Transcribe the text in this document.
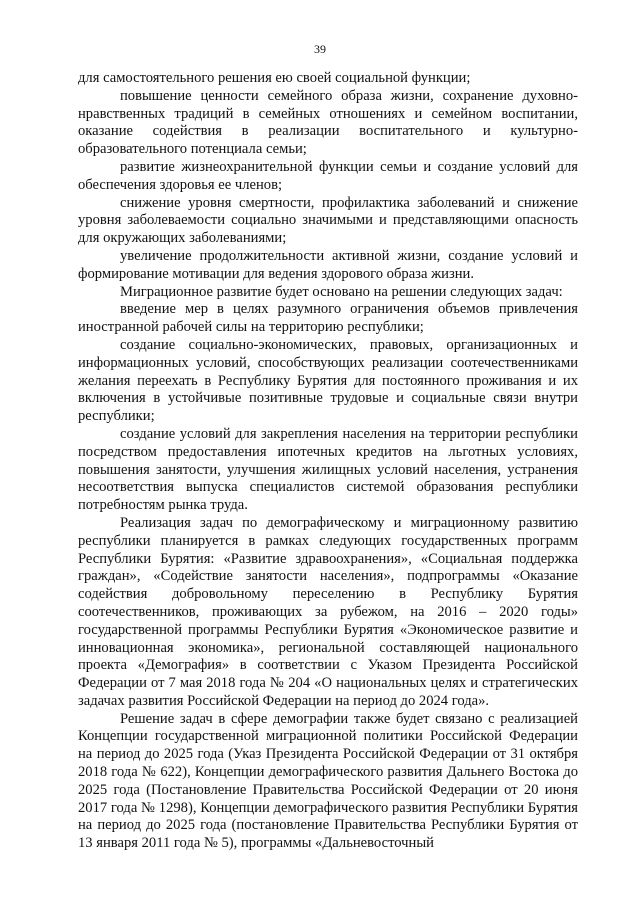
39

для самостоятельного решения ею своей социальной функции;

повышение ценности семейного образа жизни, сохранение духовно-нравственных традиций в семейных отношениях и семейном воспитании, оказание содействия в реализации воспитательного и культурно-образовательного потенциала семьи;

развитие жизнеохранительной функции семьи и создание условий для обеспечения здоровья ее членов;

снижение уровня смертности, профилактика заболеваний и снижение уровня заболеваемости социально значимыми и представляющими опасность для окружающих заболеваниями;

увеличение продолжительности активной жизни, создание условий и формирование мотивации для ведения здорового образа жизни.

Миграционное развитие будет основано на решении следующих задач:

введение мер в целях разумного ограничения объемов привлечения иностранной рабочей силы на территорию республики;

создание социально-экономических, правовых, организационных и информационных условий, способствующих реализации соотечественниками желания переехать в Республику Бурятия для постоянного проживания и их включения в устойчивые позитивные трудовые и социальные связи внутри республики;

создание условий для закрепления населения на территории республики посредством предоставления ипотечных кредитов на льготных условиях, повышения занятости, улучшения жилищных условий населения, устранения несоответствия выпуска специалистов системой образования республики потребностям рынка труда.

Реализация задач по демографическому и миграционному развитию республики планируется в рамках следующих государственных программ Республики Бурятия: «Развитие здравоохранения», «Социальная поддержка граждан», «Содействие занятости населения», подпрограммы «Оказание содействия добровольному переселению в Республику Бурятия соотечественников, проживающих за рубежом, на 2016 – 2020 годы» государственной программы Республики Бурятия «Экономическое развитие и инновационная экономика», региональной составляющей национального проекта «Демография» в соответствии с Указом Президента Российской Федерации от 7 мая 2018 года № 204 «О национальных целях и стратегических задачах развития Российской Федерации на период до 2024 года».

Решение задач в сфере демографии также будет связано с реализацией Концепции государственной миграционной политики Российской Федерации на период до 2025 года (Указ Президента Российской Федерации от 31 октября 2018 года № 622), Концепции демографического развития Дальнего Востока до 2025 года (Постановление Правительства Российской Федерации от 20 июня 2017 года № 1298), Концепции демографического развития Республики Бурятия на период до 2025 года (постановление Правительства Республики Бурятия от 13 января 2011 года № 5), программы «Дальневосточный
